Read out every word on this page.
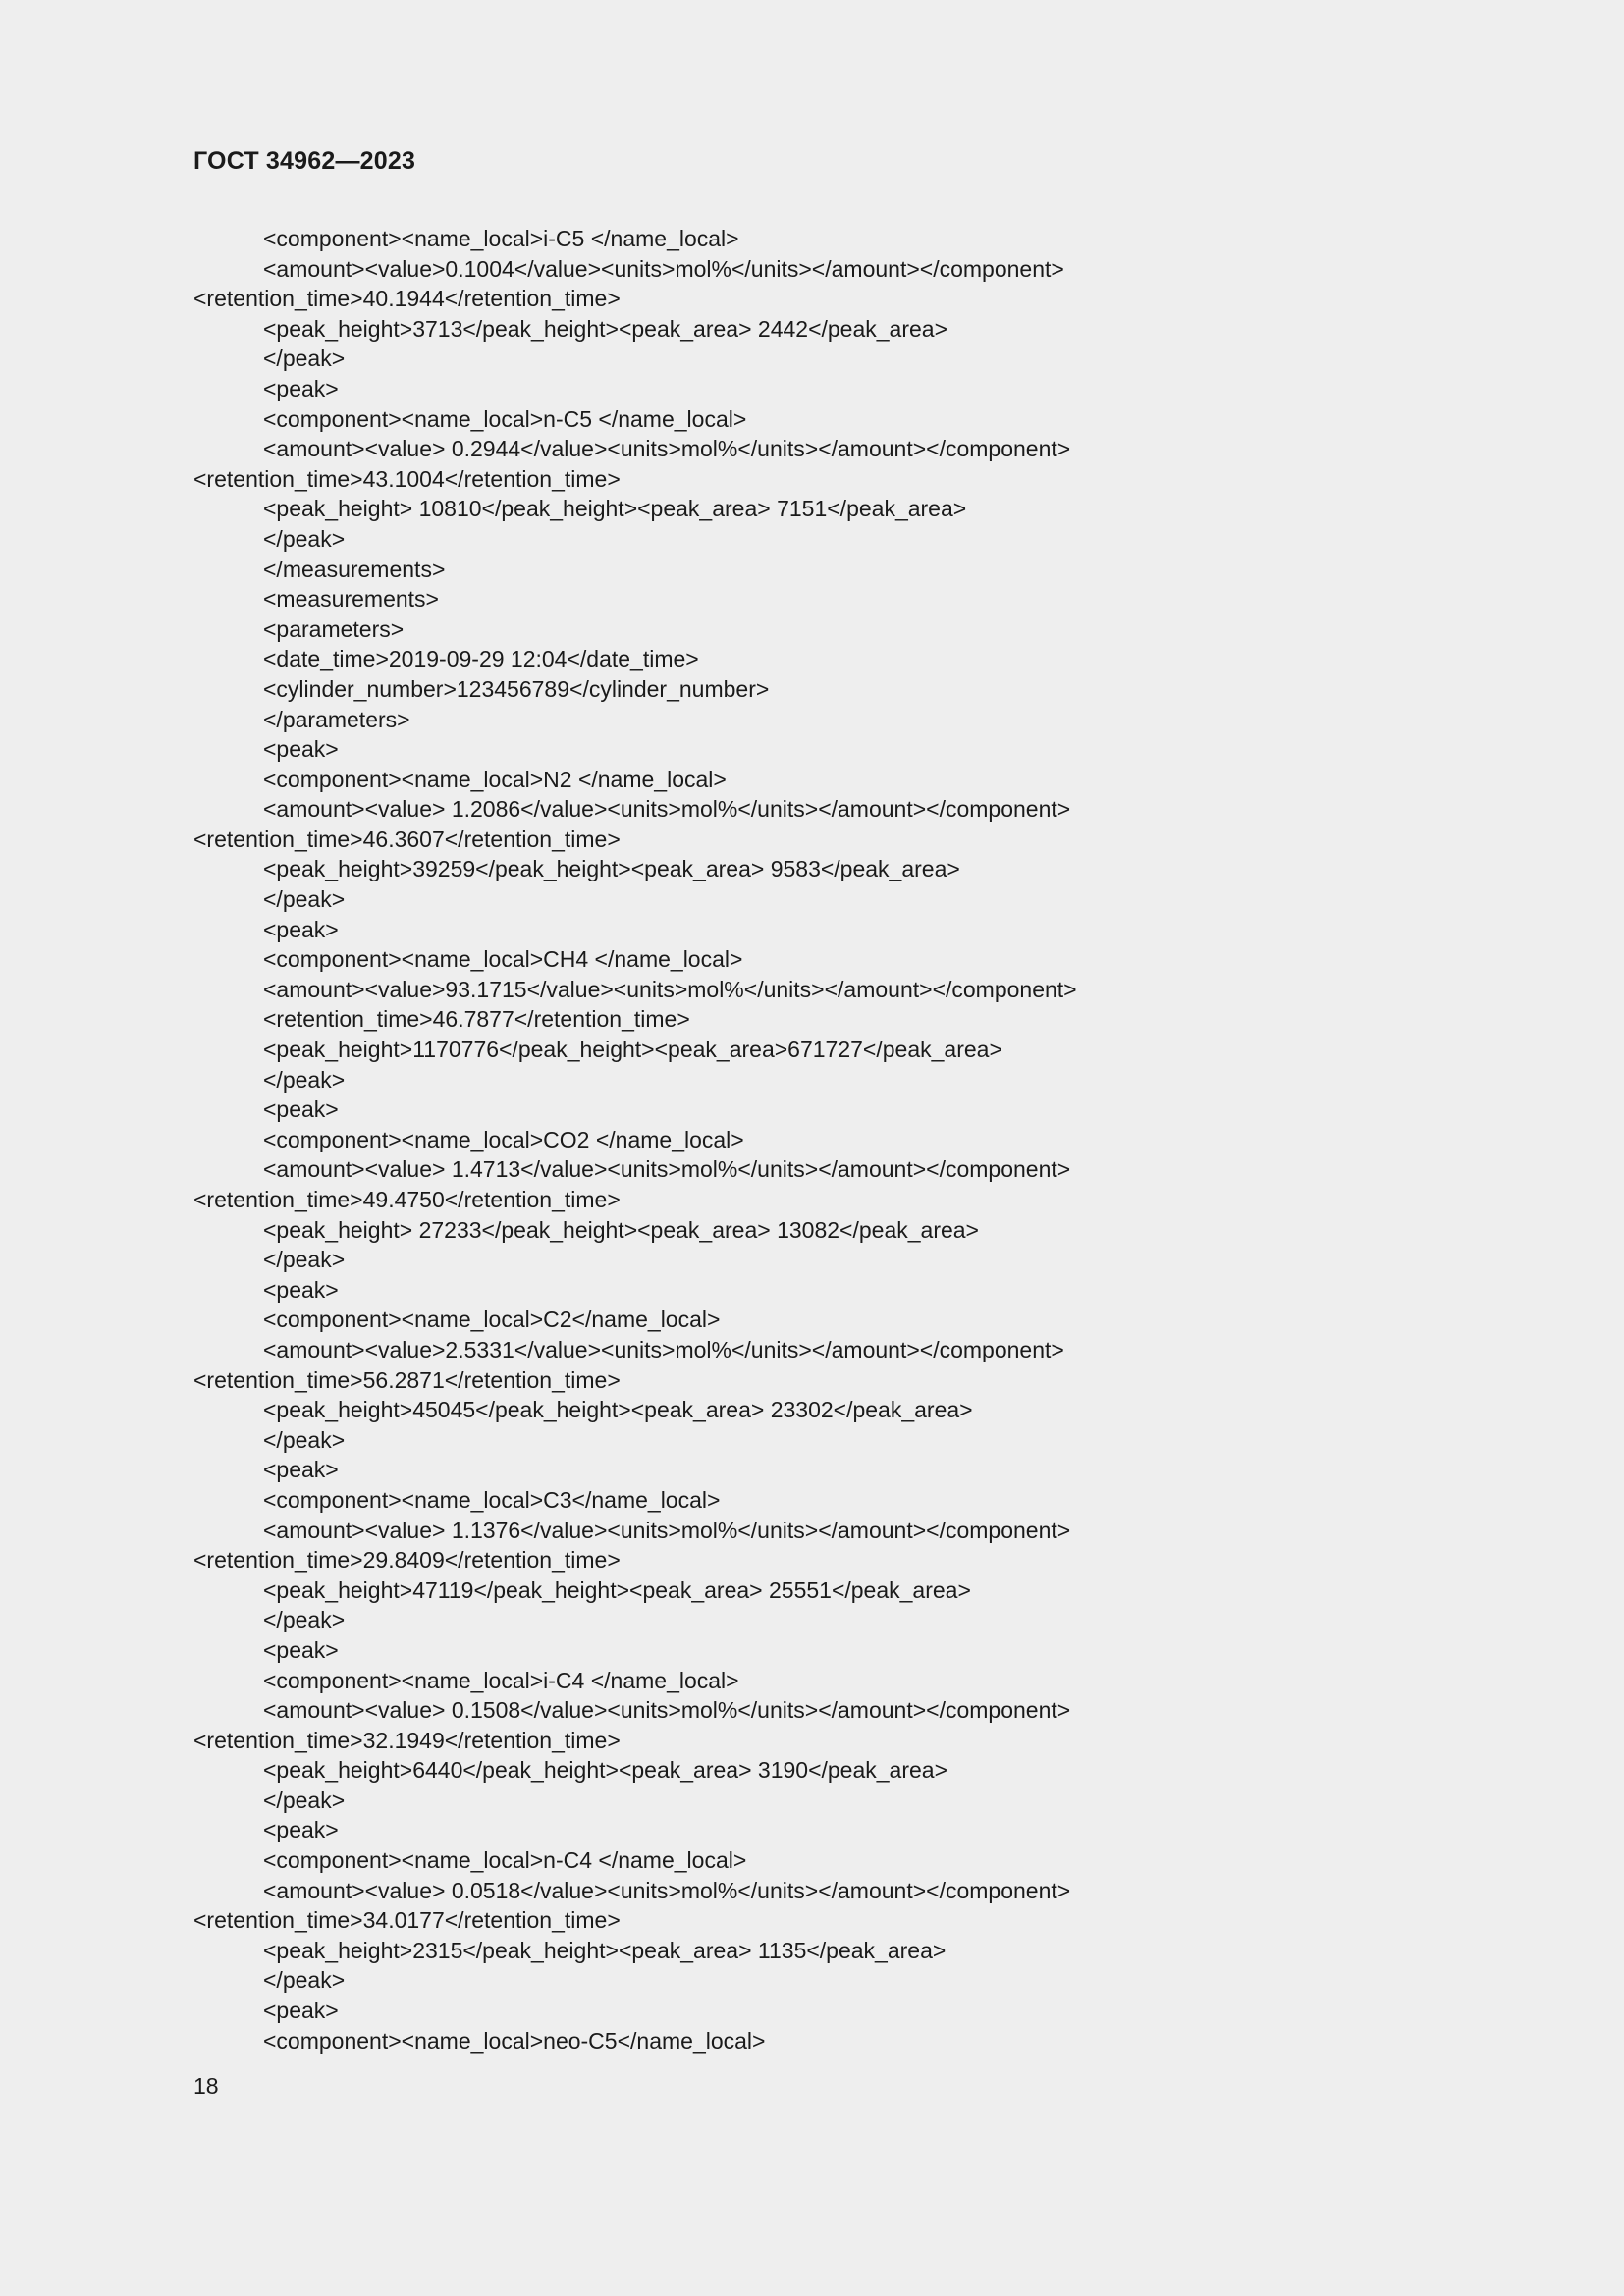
ГОСТ 34962—2023
<component><name_local>i-C5 </name_local>
<amount><value>0.1004</value><units>mol%</units></amount></component>
<retention_time>40.1944</retention_time>
<peak_height>3713</peak_height><peak_area> 2442</peak_area>
</peak>
<peak>
<component><name_local>n-C5 </name_local>
<amount><value> 0.2944</value><units>mol%</units></amount></component>
<retention_time>43.1004</retention_time>
<peak_height> 10810</peak_height><peak_area> 7151</peak_area>
</peak>
</measurements>
<measurements>
<parameters>
<date_time>2019-09-29 12:04</date_time>
<cylinder_number>123456789</cylinder_number>
</parameters>
<peak>
<component><name_local>N2 </name_local>
<amount><value> 1.2086</value><units>mol%</units></amount></component>
<retention_time>46.3607</retention_time>
<peak_height>39259</peak_height><peak_area> 9583</peak_area>
</peak>
<peak>
<component><name_local>CH4 </name_local>
<amount><value>93.1715</value><units>mol%</units></amount></component>
<retention_time>46.7877</retention_time>
<peak_height>1170776</peak_height><peak_area>671727</peak_area>
</peak>
<peak>
<component><name_local>CO2 </name_local>
<amount><value> 1.4713</value><units>mol%</units></amount></component>
<retention_time>49.4750</retention_time>
<peak_height> 27233</peak_height><peak_area> 13082</peak_area>
</peak>
<peak>
<component><name_local>C2</name_local>
<amount><value>2.5331</value><units>mol%</units></amount></component>
<retention_time>56.2871</retention_time>
<peak_height>45045</peak_height><peak_area> 23302</peak_area>
</peak>
<peak>
<component><name_local>C3</name_local>
<amount><value> 1.1376</value><units>mol%</units></amount></component>
<retention_time>29.8409</retention_time>
<peak_height>47119</peak_height><peak_area> 25551</peak_area>
</peak>
<peak>
<component><name_local>i-C4 </name_local>
<amount><value> 0.1508</value><units>mol%</units></amount></component>
<retention_time>32.1949</retention_time>
<peak_height>6440</peak_height><peak_area> 3190</peak_area>
</peak>
<peak>
<component><name_local>n-C4 </name_local>
<amount><value> 0.0518</value><units>mol%</units></amount></component>
<retention_time>34.0177</retention_time>
<peak_height>2315</peak_height><peak_area> 1135</peak_area>
</peak>
<peak>
<component><name_local>neo-C5</name_local>
18
